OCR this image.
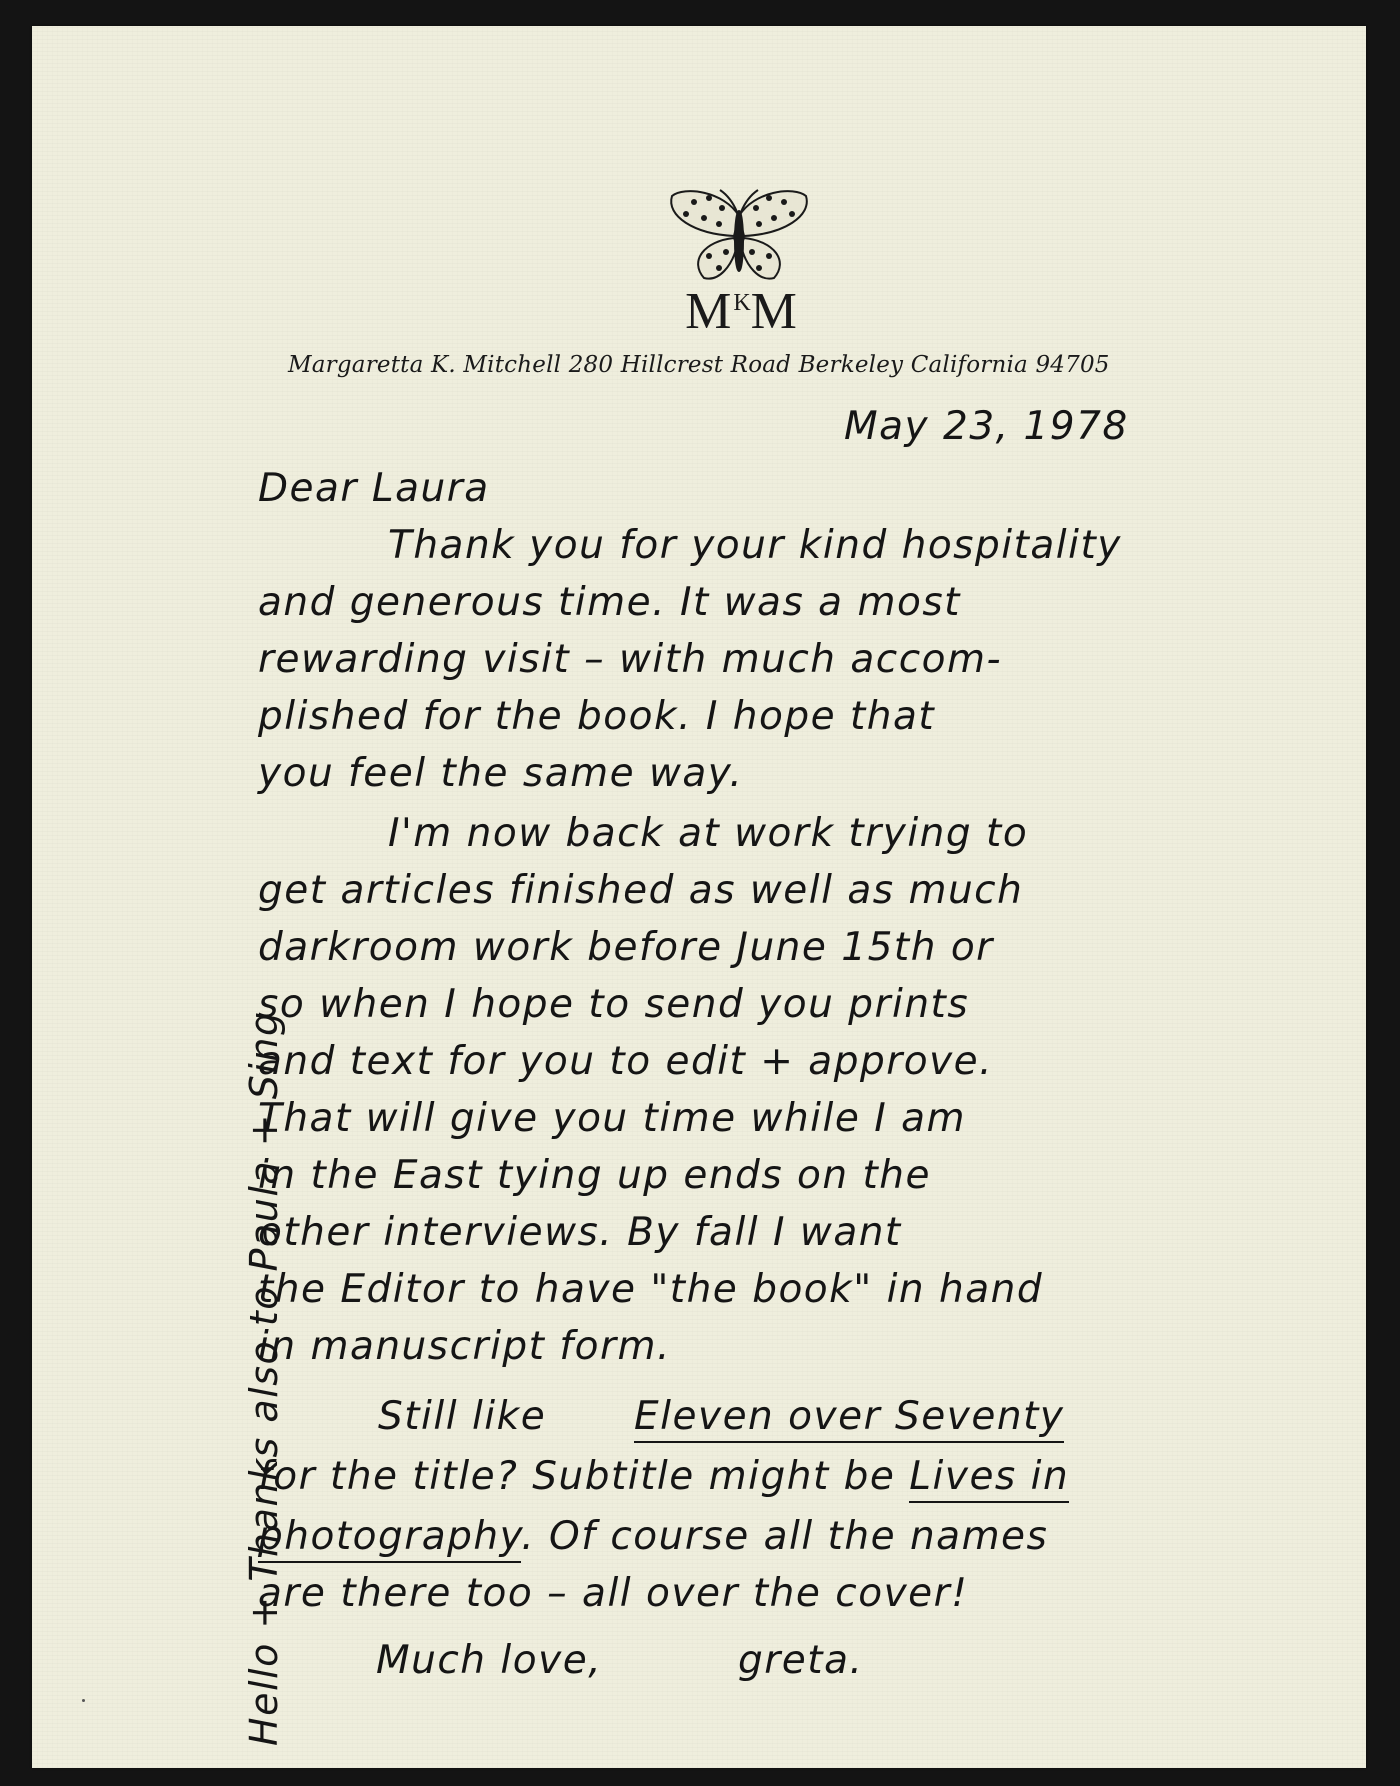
$M^KM$
Margaretta K. Mitchell 280 Hillcrest Road Berkeley California 94705
May 23, 1978
Dear Laura
Thank you for your kind hospitality
and generous time. It was a most
rewarding visit – with much accom-
plished for the book. I hope that
you feel the same way.
I'm now back at work trying to
get articles finished as well as much
darkroom work before June 15th or
so when I hope to send you prints
and text for you to edit + approve.
That will give you time while I am
in the East tying up ends on the
other interviews. By fall I want
the Editor to have "the book" in hand
in manuscript form.
Still like Eleven over Seventy
for the title? Subtitle might be Lives in
photography. Of course all the names
are there too – all over the cover!
Much love,	greta.
Hello + Thanks also to Paula + Sing
